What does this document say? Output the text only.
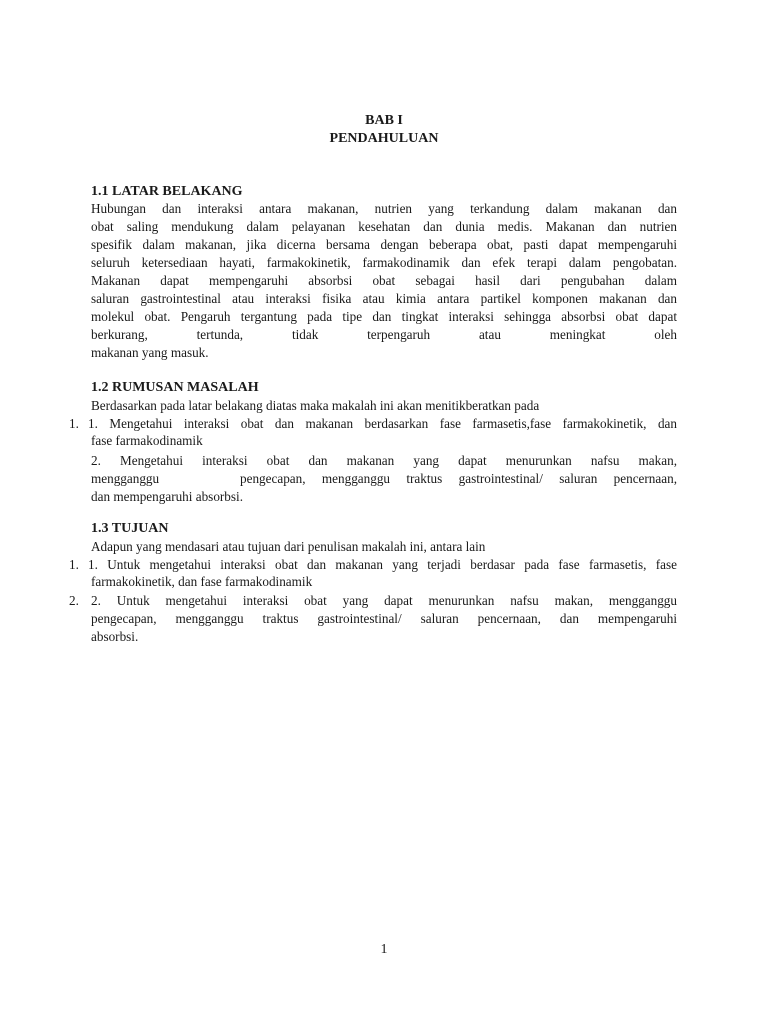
BAB I
PENDAHULUAN
1.1 LATAR BELAKANG
Hubungan dan interaksi antara makanan, nutrien yang terkandung dalam makanan dan
obat saling mendukung dalam pelayanan kesehatan dan dunia medis. Makanan dan nutrien
spesifik dalam makanan, jika dicerna bersama dengan beberapa obat, pasti dapat mempengaruhi
seluruh ketersediaan hayati, farmakokinetik, farmakodinamik dan efek terapi dalam pengobatan.
Makanan dapat mempengaruhi absorbsi obat sebagai hasil dari pengubahan dalam
saluran gastrointestinal atau interaksi fisika atau kimia antara partikel komponen makanan dan
molekul obat. Pengaruh tergantung pada tipe dan tingkat interaksi sehingga absorbsi obat dapat
berkurang,	tertunda,	tidak	terpengaruh	atau	meningkat	oleh
makanan yang masuk.
1.2 RUMUSAN MASALAH
Berdasarkan pada latar belakang diatas maka makalah ini akan menitikberatkan pada
1. 1. Mengetahui interaksi obat dan makanan berdasarkan fase farmasetis,fase farmakokinetik, dan
fase farmakodinamik
2. Mengetahui interaksi obat dan makanan yang dapat menurunkan nafsu makan,
mengganggu	pengecapan, mengganggu traktus gastrointestinal/ saluran pencernaan,
dan mempengaruhi absorbsi.
1.3 TUJUAN
Adapun yang mendasari atau tujuan dari penulisan makalah ini, antara lain
1. 1. Untuk mengetahui interaksi obat dan makanan yang terjadi berdasar pada fase farmasetis, fase
farmakokinetik, dan fase farmakodinamik
2. 2. Untuk mengetahui interaksi obat yang dapat menurunkan nafsu makan, mengganggu
pengecapan, mengganggu traktus gastrointestinal/ saluran pencernaan, dan mempengaruhi
absorbsi.
1
